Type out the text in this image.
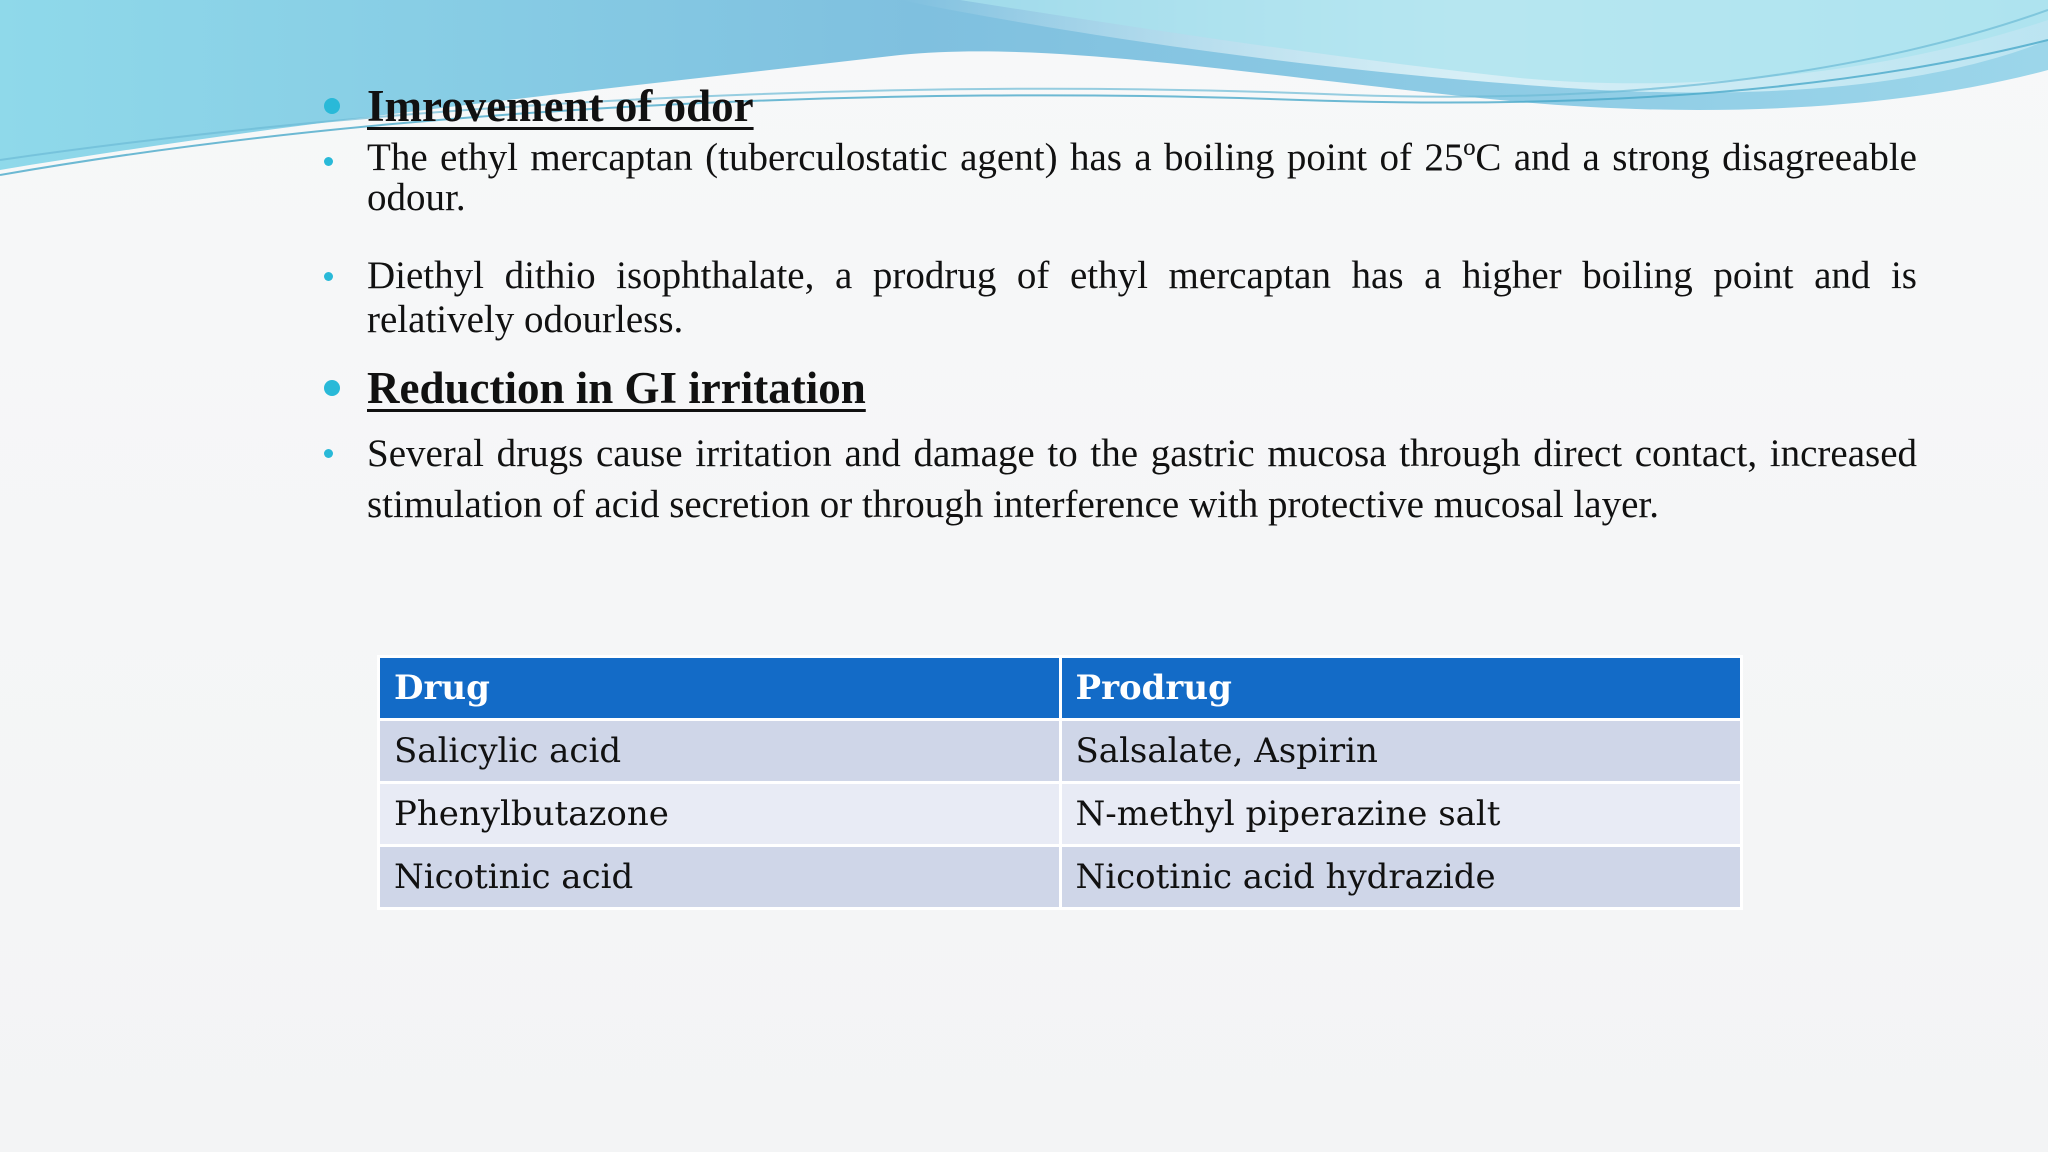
Imrovement of odor
The ethyl mercaptan (tuberculostatic agent) has a boiling point of 25ºC and a strong disagreeable odour.
Diethyl dithio isophthalate, a prodrug of ethyl mercaptan has a higher boiling point and is relatively odourless.
Reduction in GI irritation
Several drugs cause irritation and damage to the gastric mucosa through direct contact, increased stimulation of acid secretion or through interference with protective mucosal layer.
Drug	Prodrug
Salicylic acid	Salsalate, Aspirin
Phenylbutazone	N-methyl piperazine salt
Nicotinic acid	Nicotinic acid hydrazide
